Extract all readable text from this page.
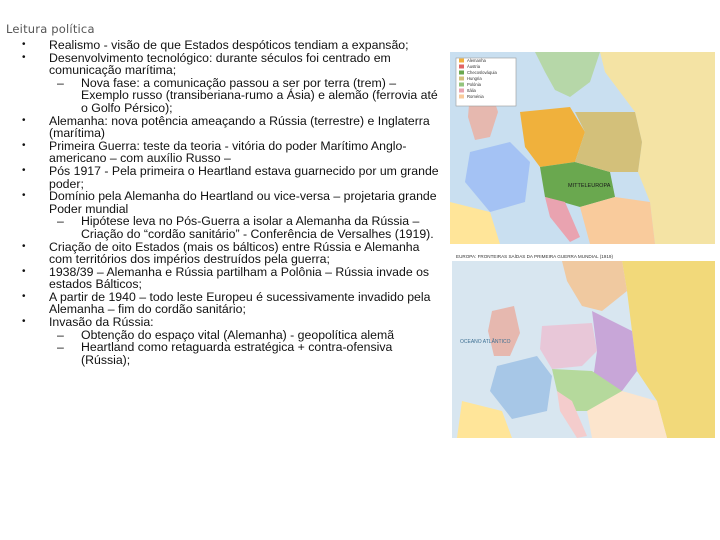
Leitura política
• Realismo - visão de que Estados despóticos tendiam a expansão;
• Desenvolvimento tecnológico: durante séculos foi centrado em comunicação marítima;
– Nova fase: a comunicação passou a ser por terra (trem) – Exemplo russo (transiberiana-rumo a Ásia) e alemão (ferrovia até o Golfo Pérsico);
• Alemanha: nova potência ameaçando a Rússia (terrestre) e Inglaterra (marítima)
• Primeira Guerra: teste da teoria - vitória do poder Marítimo Anglo-americano – com auxílio Russo –
• Pós 1917 - Pela primeira o Heartland estava guarnecido por um grande poder;
• Domínio pela Alemanha do Heartland ou vice-versa – projetaria grande Poder mundial
– Hipótese leva no Pós-Guerra a isolar a Alemanha da Rússia – Criação do “cordão sanitário” - Conferência de Versalhes (1919).
• Criação de oito Estados (mais os bálticos) entre Rússia e Alemanha com territórios dos impérios destruídos pela guerra;
• 1938/39 – Alemanha e Rússia partilham a Polônia – Rússia invade os estados Bálticos;
• A partir de 1940 – todo leste Europeu é sucessivamente invadido pela Alemanha – fim do cordão sanitário;
• Invasão da Rússia:
– Obtenção do espaço vital (Alemanha) - geopolítica alemã
– Heartland como retaguarda estratégica + contra-ofensiva (Rússia);
Alemanha
Áustria
Checoslováquia
Hungria
Polónia
Itália
Roménia
MITTELEUROPA
EUROPA: FRONTEIRAS SAÍDAS DA PRIMEIRA GUERRA MUNDIAL (1919)
OCEANO ATLÂNTICO
